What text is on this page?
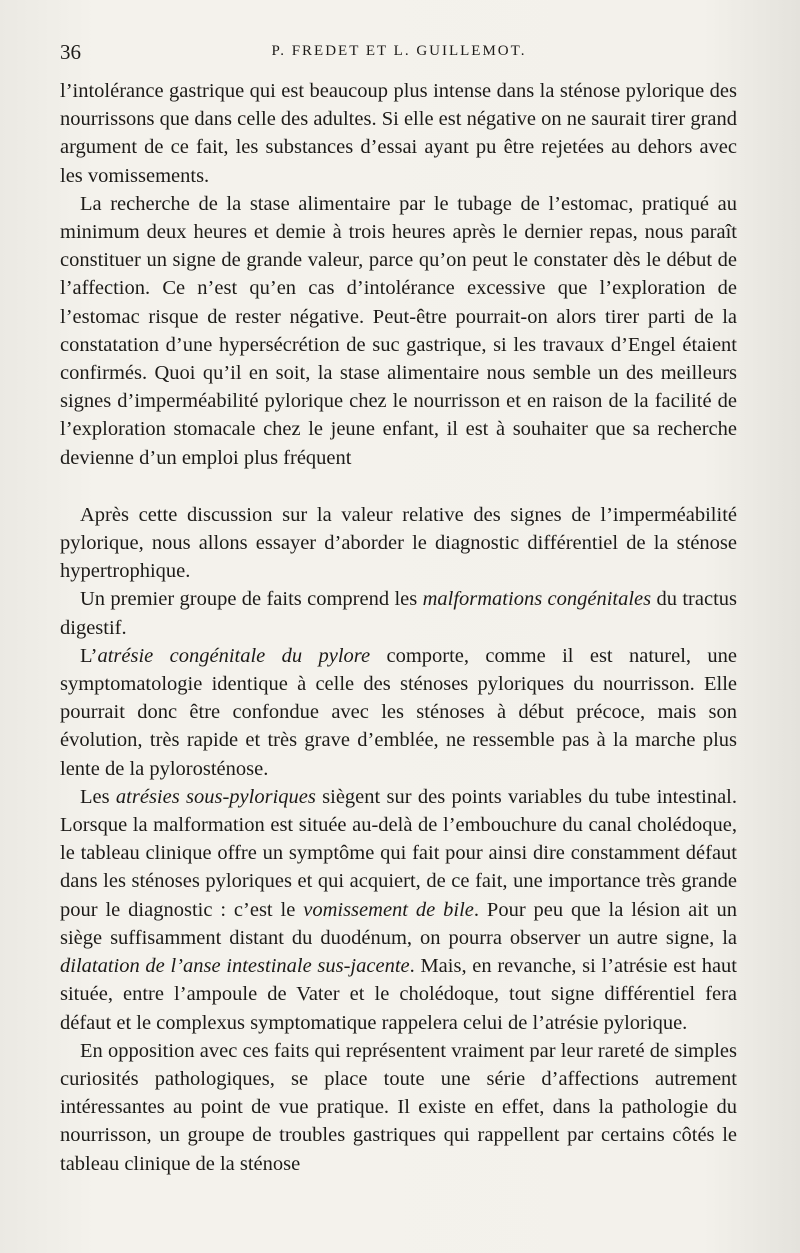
36	P. FREDET ET L. GUILLEMOT.

l’intolérance gastrique qui est beaucoup plus intense dans la sténose pylorique des nourrissons que dans celle des adultes. Si elle est négative on ne saurait tirer grand argument de ce fait, les substances d’essai ayant pu être rejetées au dehors avec les vomissements.

La recherche de la stase alimentaire par le tubage de l’estomac, pratiqué au minimum deux heures et demie à trois heures après le dernier repas, nous paraît constituer un signe de grande valeur, parce qu’on peut le constater dès le début de l’affection. Ce n’est qu’en cas d’intolérance excessive que l’exploration de l’estomac risque de rester négative. Peut-être pourrait-on alors tirer parti de la constatation d’une hypersécrétion de suc gastrique, si les travaux d’Engel étaient confirmés. Quoi qu’il en soit, la stase alimentaire nous semble un des meilleurs signes d’imperméabilité pylorique chez le nourrisson et en raison de la facilité de l’exploration stomacale chez le jeune enfant, il est à souhaiter que sa recherche devienne d’un emploi plus fréquent

Après cette discussion sur la valeur relative des signes de l’imperméabilité pylorique, nous allons essayer d’aborder le diagnostic différentiel de la sténose hypertrophique.

Un premier groupe de faits comprend les malformations congénitales du tractus digestif.

L’atrésie congénitale du pylore comporte, comme il est naturel, une symptomatologie identique à celle des sténoses pyloriques du nourrisson. Elle pourrait donc être confondue avec les sténoses à début précoce, mais son évolution, très rapide et très grave d’emblée, ne ressemble pas à la marche plus lente de la pylorosténose.

Les atrésies sous-pyloriques siègent sur des points variables du tube intestinal. Lorsque la malformation est située au-delà de l’embouchure du canal cholédoque, le tableau clinique offre un symptôme qui fait pour ainsi dire constamment défaut dans les sténoses pyloriques et qui acquiert, de ce fait, une importance très grande pour le diagnostic : c’est le vomissement de bile. Pour peu que la lésion ait un siège suffisamment distant du duodénum, on pourra observer un autre signe, la dilatation de l’anse intestinale sus-jacente. Mais, en revanche, si l’atrésie est haut située, entre l’ampoule de Vater et le cholédoque, tout signe différentiel fera défaut et le complexus symptomatique rappelera celui de l’atrésie pylorique.

En opposition avec ces faits qui représentent vraiment par leur rareté de simples curiosités pathologiques, se place toute une série d’affections autrement intéressantes au point de vue pratique. Il existe en effet, dans la pathologie du nourrisson, un groupe de troubles gastriques qui rappellent par certains côtés le tableau clinique de la sténose
